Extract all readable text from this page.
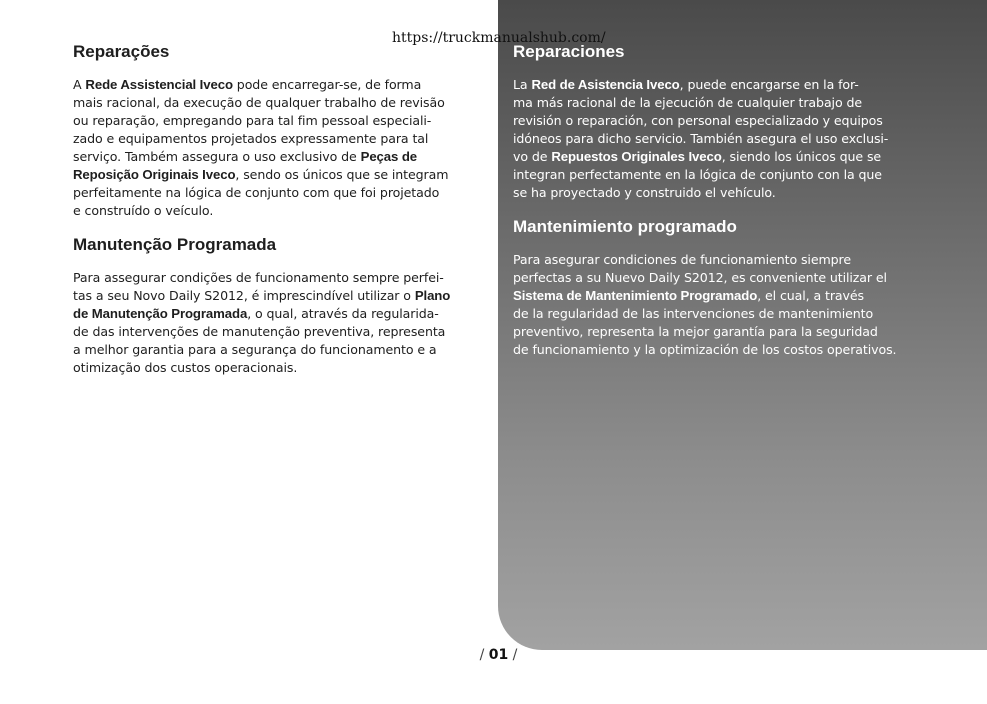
https://truckmanualshub.com/
Reparações

A Rede Assistencial Iveco pode encarregar-se, de forma
mais racional, da execução de qualquer trabalho de revisão
ou reparação, empregando para tal fim pessoal especiali-
zado e equipamentos projetados expressamente para tal
serviço. Também assegura o uso exclusivo de Peças de
Reposição Originais Iveco, sendo os únicos que se integram
perfeitamente na lógica de conjunto com que foi projetado
e construído o veículo.

Manutenção Programada

Para assegurar condições de funcionamento sempre perfei-
tas a seu Novo Daily S2012, é imprescindível utilizar o Plano
de Manutenção Programada, o qual, através da regularida-
de das intervenções de manutenção preventiva, representa
a melhor garantia para a segurança do funcionamento e a
otimização dos custos operacionais.

Reparaciones

La Red de Asistencia Iveco, puede encargarse en la for-
ma más racional de la ejecución de cualquier trabajo de
revisión o reparación, con personal especializado y equipos
idóneos para dicho servicio. También asegura el uso exclusi-
vo de Repuestos Originales Iveco, siendo los únicos que se
integran perfectamente en la lógica de conjunto con la que
se ha proyectado y construido el vehículo.

Mantenimiento programado

Para asegurar condiciones de funcionamiento siempre
perfectas a su Nuevo Daily S2012, es conveniente utilizar el
Sistema de Mantenimiento Programado, el cual, a través
de la regularidad de las intervenciones de mantenimiento
preventivo, representa la mejor garantía para la seguridad
de funcionamiento y la optimización de los costos operativos.

/ 01 /
